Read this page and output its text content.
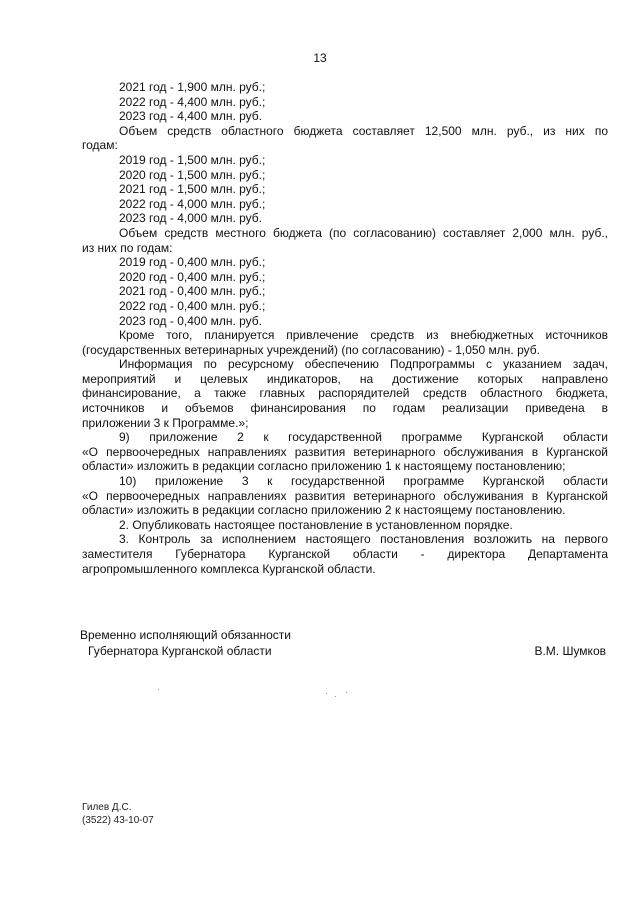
13
2021 год - 1,900 млн. руб.;
2022 год - 4,400 млн. руб.;
2023 год - 4,400 млн. руб.
Объем средств областного бюджета составляет 12,500 млн. руб., из них по
годам:
2019 год - 1,500 млн. руб.;
2020 год - 1,500 млн. руб.;
2021 год - 1,500 млн. руб.;
2022 год - 4,000 млн. руб.;
2023 год - 4,000 млн. руб.
Объем средств местного бюджета (по согласованию) составляет 2,000 млн. руб.,
из них по годам:
2019 год - 0,400 млн. руб.;
2020 год - 0,400 млн. руб.;
2021 год - 0,400 млн. руб.;
2022 год - 0,400 млн. руб.;
2023 год - 0,400 млн. руб.
Кроме того, планируется привлечение средств из внебюджетных источников
(государственных ветеринарных учреждений) (по согласованию) - 1,050 млн. руб.
Информация по ресурсному обеспечению Подпрограммы с указанием задач,
мероприятий и целевых индикаторов, на достижение которых направлено
финансирование, а также главных распорядителей средств областного бюджета,
источников и объемов финансирования по годам реализации приведена в
приложении 3 к Программе.»;
9) приложение 2 к государственной программе Курганской области
«О первоочередных направлениях развития ветеринарного обслуживания в Курганской
области» изложить в редакции согласно приложению 1 к настоящему постановлению;
10) приложение 3 к государственной программе Курганской области
«О первоочередных направлениях развития ветеринарного обслуживания в Курганской
области» изложить в редакции согласно приложению 2 к настоящему постановлению.
2. Опубликовать настоящее постановление в установленном порядке.
3. Контроль за исполнением настоящего постановления возложить на первого
заместителя Губернатора Курганской области - директора Департамента
агропромышленного комплекса Курганской области.
Временно исполняющий обязанности
Губернатора Курганской области	В.М. Шумков
Гилев Д.С.
(3522) 43-10-07
